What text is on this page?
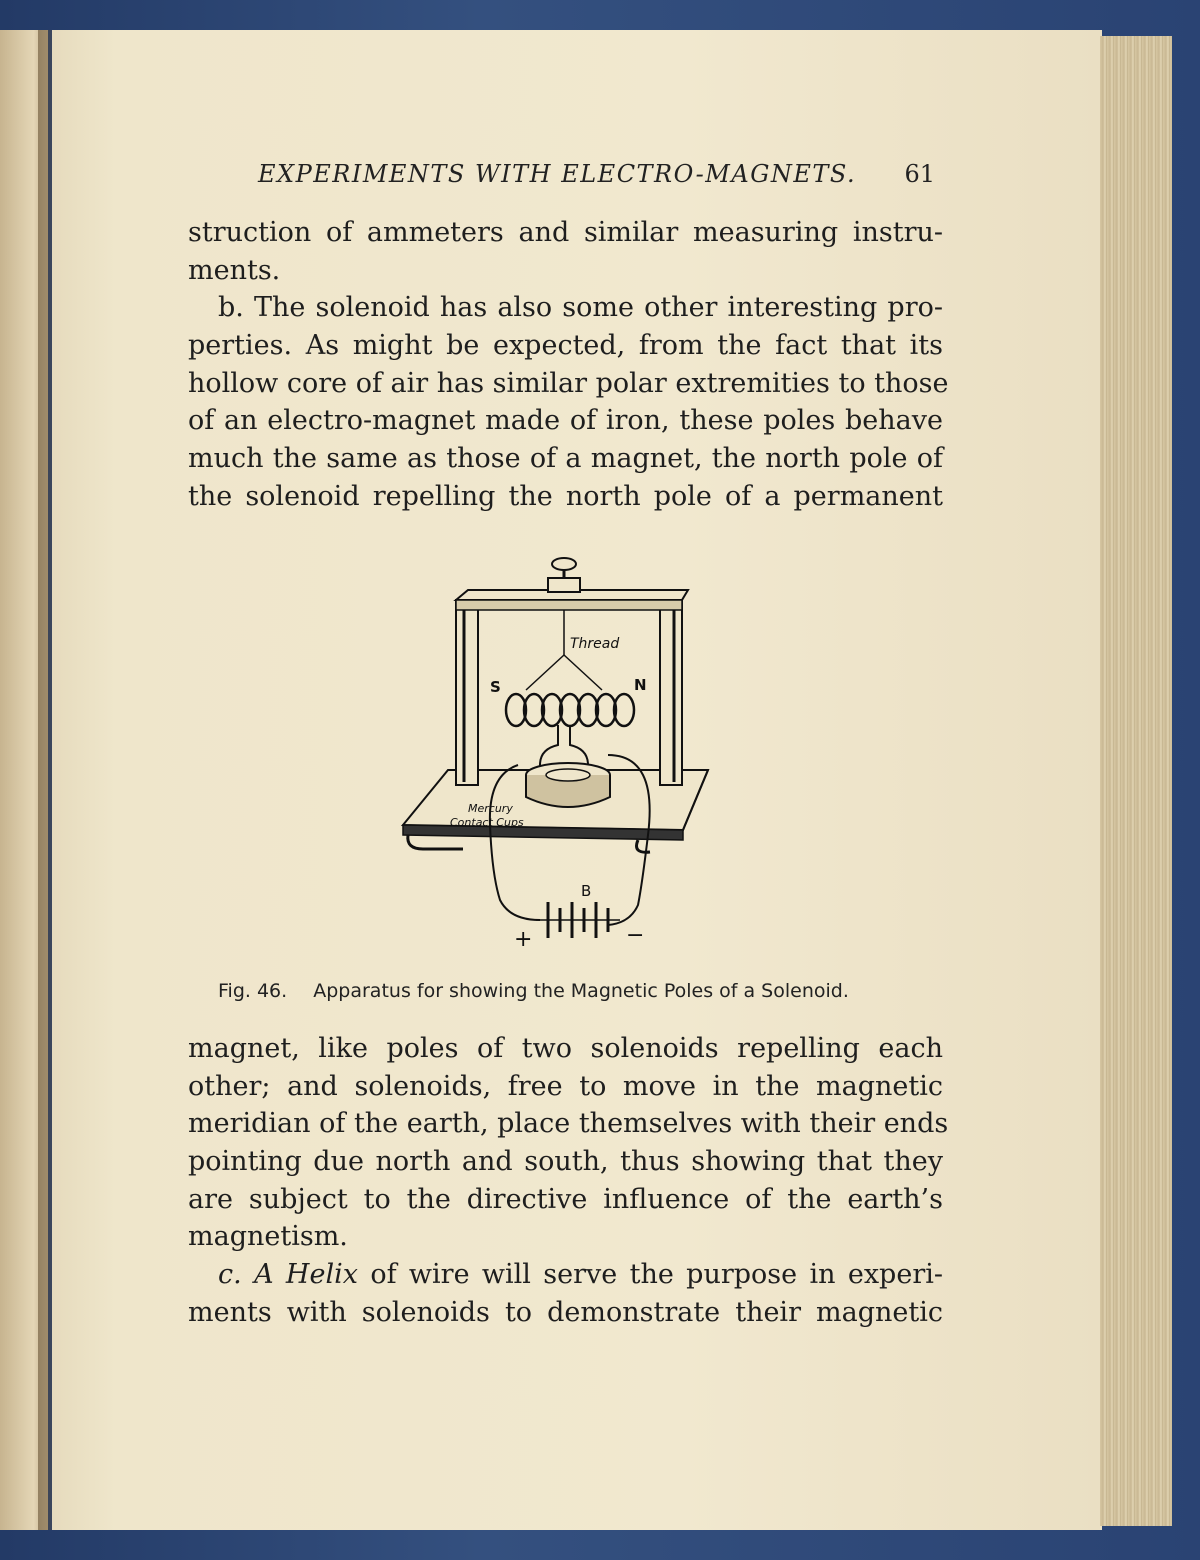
EXPERIMENTS WITH ELECTRO-MAGNETS. 61
struction of ammeters and similar measuring instru-
ments.
b. The solenoid has also some other interesting pro-
perties. As might be expected, from the fact that its
hollow core of air has similar polar extremities to those
of an electro-magnet made of iron, these poles behave
much the same as those of a magnet, the north pole of
the solenoid repelling the north pole of a permanent
Thread
S	N
B
+	−
Mercury
Contact Cups
Fig. 46. Apparatus for showing the Magnetic Poles of a Solenoid.
magnet, like poles of two solenoids repelling each
other; and solenoids, free to move in the magnetic
meridian of the earth, place themselves with their ends
pointing due north and south, thus showing that they
are subject to the directive influence of the earth’s
magnetism.
c. A Helix of wire will serve the purpose in experi-
ments with solenoids to demonstrate their magnetic
